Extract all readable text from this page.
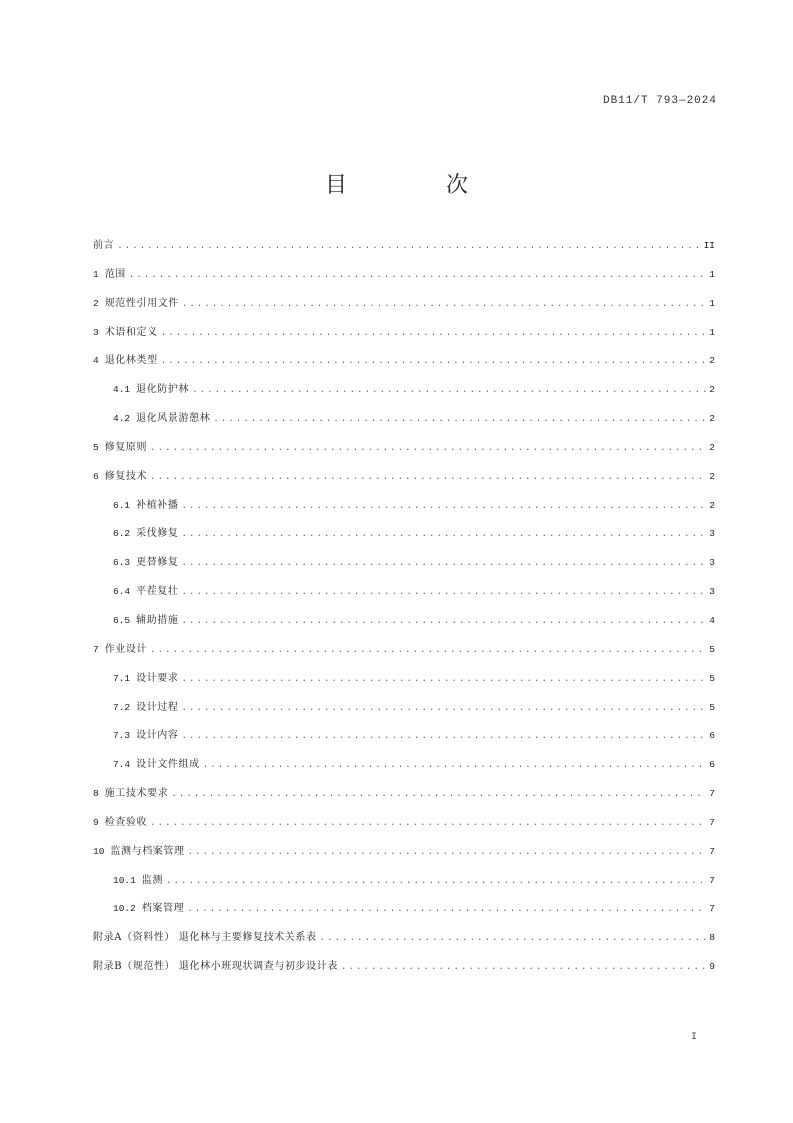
DB11/T 793—2024
目 次
前言 .....	II
1 范围 .....	1
2 规范性引用文件 .....	1
3 术语和定义 .....	1
4 退化林类型 .....	2
4.1 退化防护林 .....	2
4.2 退化风景游憩林 .....	2
5 修复原则 .....	2
6 修复技术 .....	2
6.1 补植补播 .....	2
6.2 采伐修复 .....	3
6.3 更替修复 .....	3
6.4 平茬复壮 .....	3
6.5 辅助措施 .....	4
7 作业设计 .....	5
7.1 设计要求 .....	5
7.2 设计过程 .....	5
7.3 设计内容 .....	6
7.4 设计文件组成 .....	6
8 施工技术要求 .....	7
9 检查验收 .....	7
10 监测与档案管理 .....	7
10.1 监测 .....	7
10.2 档案管理 .....	7
附录A（资料性） 退化林与主要修复技术关系表 .....	8
附录B（规范性） 退化林小班现状调查与初步设计表 .....	9
I
